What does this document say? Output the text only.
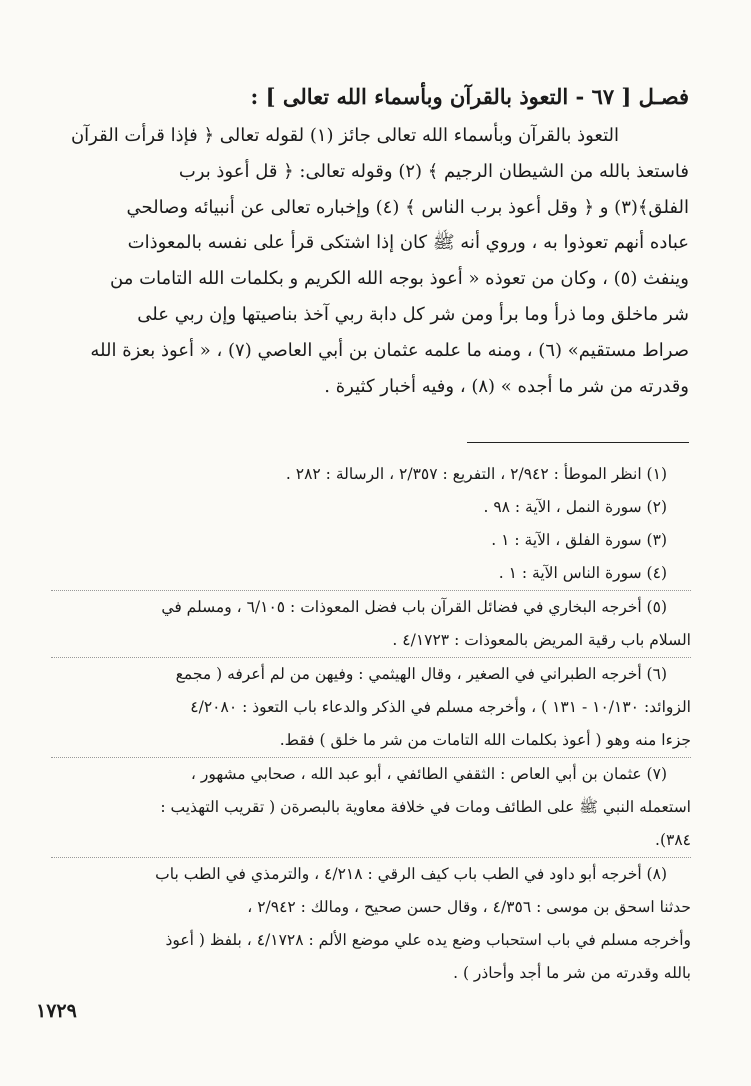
فصـل [ ٦٧ - التعوذ بالقرآن وبأسماء الله تعالى ] :
التعوذ بالقرآن وبأسماء الله تعالى جائز (١) لقوله تعالى ﴿ فإذا قرأت القرآن
فاستعذ بالله من الشيطان الرجيم ﴾ (٢) وقوله تعالى: ﴿ قل أعوذ برب
الفلق﴾(٣) و ﴿ وقل أعوذ برب الناس ﴾ (٤) وإخباره تعالى عن أنبيائه وصالحي
عباده أنهم تعوذوا به ، وروي أنه ﷺ كان إذا اشتكى قرأ على نفسه بالمعوذات
وينفث (٥) ، وكان من تعوذه « أعوذ بوجه الله الكريم و بكلمات الله التامات من
شر ماخلق وما ذرأ وما برأ ومن شر كل دابة ربي آخذ بناصيتها وإن ربي على
صراط مستقيم» (٦) ، ومنه ما علمه عثمان بن أبي العاصي (٧) ، « أعوذ بعزة الله
وقدرته من شر ما أجده » (٨) ، وفيه أخبار كثيرة .
(١) انظر الموطأ : ٢/٩٤٢ ، التفريع : ٢/٣٥٧ ، الرسالة : ٢٨٢ .
(٢) سورة النمل ، الآية : ٩٨ .
(٣) سورة الفلق ، الآية : ١ .
(٤) سورة الناس الآية : ١ .
(٥) أخرجه البخاري في فضائل القرآن باب فضل المعوذات : ٦/١٠٥ ، ومسلم في
السلام باب رقية المريض بالمعوذات : ٤/١٧٢٣ .
(٦) أخرجه الطبراني في الصغير ، وقال الهيثمي : وفيهن من لم أعرفه ( مجمع
الزوائد: ١٠/١٣٠ - ١٣١ ) ، وأخرجه مسلم في الذكر والدعاء باب التعوذ : ٤/٢٠٨٠
جزءا منه وهو ( أعوذ بكلمات الله التامات من شر ما خلق ) فقط.
(٧) عثمان بن أبي العاص : الثقفي الطائفي ، أبو عبد الله ، صحابي مشهور ،
استعمله النبي ﷺ على الطائف ومات في خلافة معاوية بالبصرةن ( تقريب التهذيب :
٣٨٤).
(٨) أخرجه أبو داود في الطب باب كيف الرقي : ٤/٢١٨ ، والترمذي في الطب باب
حدثنا اسحق بن موسى : ٤/٣٥٦ ، وقال حسن صحيح ، ومالك : ٢/٩٤٢ ،
وأخرجه مسلم في باب استحباب وضع يده علي موضع الألم : ٤/١٧٢٨ ، بلفظ ( أعوذ
بالله وقدرته من شر ما أجد وأحاذر ) .
١٧٢٩
